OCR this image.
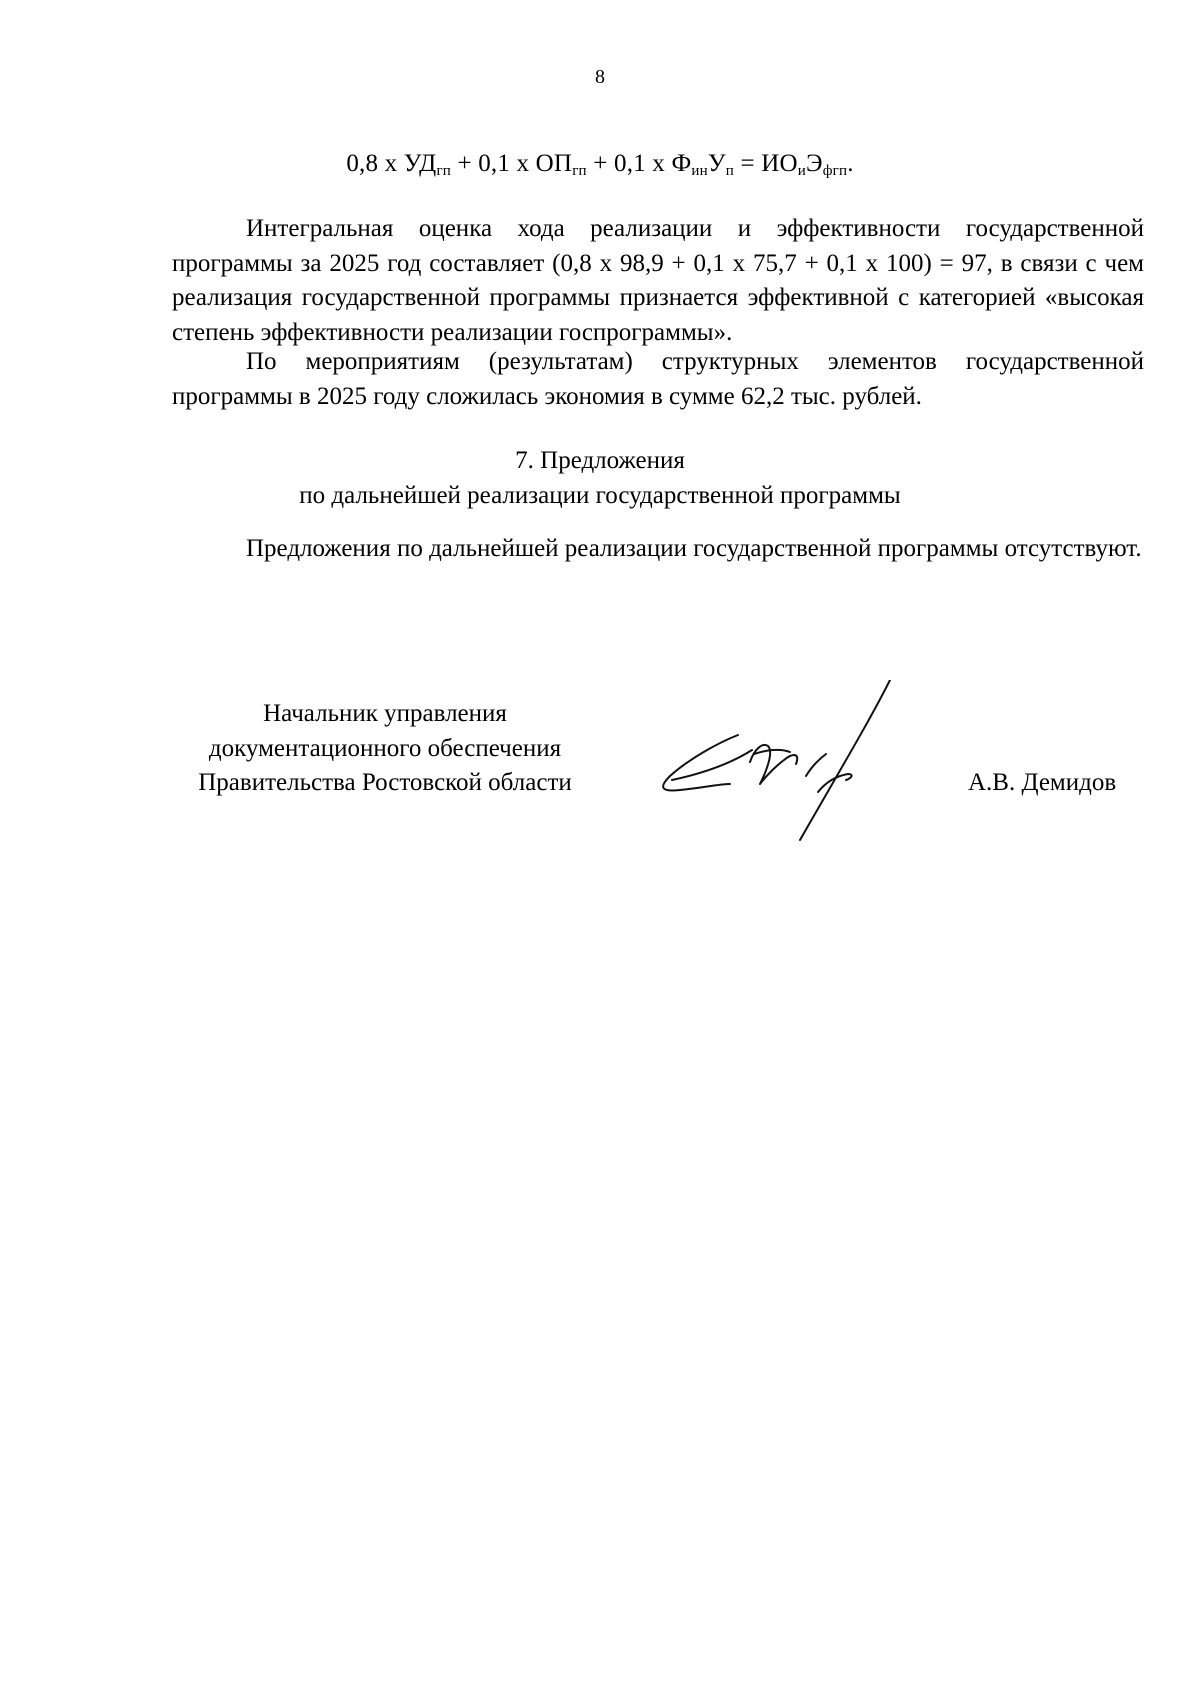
8
0,8 х $УД_{гп} + 0,1$ х $ОП_{гп} + 0,1$ х $Ф_{ин}У_п = ИО_иЭ_{фгп}$.

Интегральная оценка хода реализации и эффективности государственной программы за 2025 год составляет (0,8 х 98,9 + 0,1 х 75,7 + 0,1 х 100) = 97, в связи с чем реализация государственной программы признается эффективной с категорией «высокая степень эффективности реализации госпрограммы».

По мероприятиям (результатам) структурных элементов государственной программы в 2025 году сложилась экономия в сумме 62,2 тыс. рублей.

7. Предложения
по дальнейшей реализации государственной программы

Предложения по дальнейшей реализации государственной программы отсутствуют.

Начальник управления
документационного обеспечения
Правительства Ростовской области	А.В. Демидов
